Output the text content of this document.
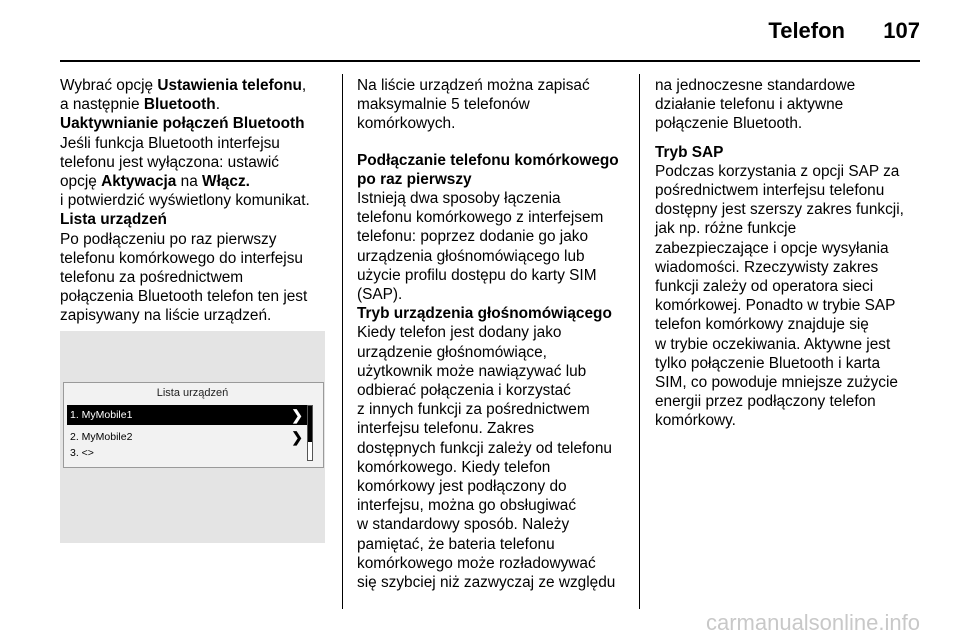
Telefon 107

Wybrać opcję Ustawienia telefonu,
a następnie Bluetooth.

Uaktywnianie połączeń Bluetooth

Jeśli funkcja Bluetooth interfejsu
telefonu jest wyłączona: ustawić
opcję Aktywacja na Włącz.
i potwierdzić wyświetlony komunikat.

Lista urządzeń

Po podłączeniu po raz pierwszy
telefonu komórkowego do interfejsu
telefonu za pośrednictwem
połączenia Bluetooth telefon ten jest
zapisywany na liście urządzeń.

Lista urządzeń
1. MyMobile1	❯
2. MyMobile2	❯
3. <>

Na liście urządzeń można zapisać
maksymalnie 5 telefonów
komórkowych.

Podłączanie telefonu komórkowego
po raz pierwszy

Istnieją dwa sposoby łączenia
telefonu komórkowego z interfejsem
telefonu: poprzez dodanie go jako
urządzenia głośnomówiącego lub
użycie profilu dostępu do karty SIM
(SAP).

Tryb urządzenia głośnomówiącego

Kiedy telefon jest dodany jako
urządzenie głośnomówiące,
użytkownik może nawiązywać lub
odbierać połączenia i korzystać
z innych funkcji za pośrednictwem
interfejsu telefonu. Zakres
dostępnych funkcji zależy od telefonu
komórkowego. Kiedy telefon
komórkowy jest podłączony do
interfejsu, można go obsługiwać
w standardowy sposób. Należy
pamiętać, że bateria telefonu
komórkowego może rozładowywać
się szybciej niż zazwyczaj ze względu

na jednoczesne standardowe
działanie telefonu i aktywne
połączenie Bluetooth.

Tryb SAP

Podczas korzystania z opcji SAP za
pośrednictwem interfejsu telefonu
dostępny jest szerszy zakres funkcji,
jak np. różne funkcje
zabezpieczające i opcje wysyłania
wiadomości. Rzeczywisty zakres
funkcji zależy od operatora sieci
komórkowej. Ponadto w trybie SAP
telefon komórkowy znajduje się
w trybie oczekiwania. Aktywne jest
tylko połączenie Bluetooth i karta
SIM, co powoduje mniejsze zużycie
energii przez podłączony telefon
komórkowy.

carmanualsonline.info
